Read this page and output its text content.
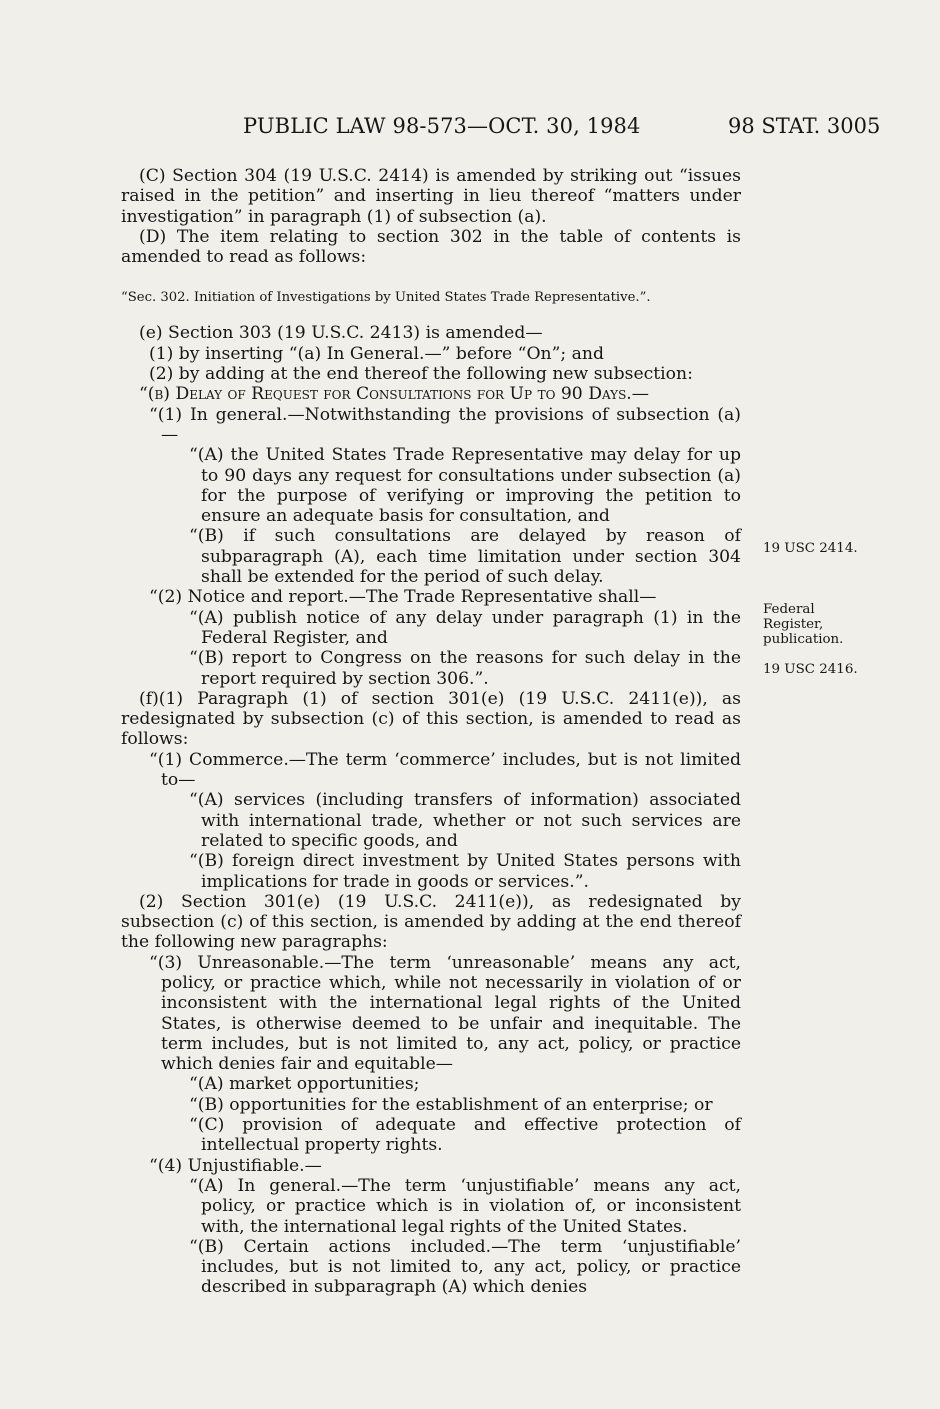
PUBLIC LAW 98-573—OCT. 30, 1984	98 STAT. 3005

(C) Section 304 (19 U.S.C. 2414) is amended by striking out “issues raised in the petition” and inserting in lieu thereof “matters under investigation” in paragraph (1) of subsection (a).

(D) The item relating to section 302 in the table of contents is amended to read as follows:

“Sec. 302. Initiation of Investigations by United States Trade Representative.”.

(e) Section 303 (19 U.S.C. 2413) is amended—

(1) by inserting “(a) In General.—” before “On”; and

(2) by adding at the end thereof the following new subsection:

“(b) Delay of Request for Consultations for Up to 90 Days.—

“(1) In general.—Notwithstanding the provisions of subsection (a)—

“(A) the United States Trade Representative may delay for up to 90 days any request for consultations under subsection (a) for the purpose of verifying or improving the petition to ensure an adequate basis for consultation, and

“(B) if such consultations are delayed by reason of subparagraph (A), each time limitation under section 304 shall be extended for the period of such delay.

“(2) Notice and report.—The Trade Representative shall—

“(A) publish notice of any delay under paragraph (1) in the Federal Register, and

“(B) report to Congress on the reasons for such delay in the report required by section 306.”.

(f)(1) Paragraph (1) of section 301(e) (19 U.S.C. 2411(e)), as redesignated by subsection (c) of this section, is amended to read as follows:

“(1) Commerce.—The term ‘commerce’ includes, but is not limited to—

“(A) services (including transfers of information) associated with international trade, whether or not such services are related to specific goods, and

“(B) foreign direct investment by United States persons with implications for trade in goods or services.”.

(2) Section 301(e) (19 U.S.C. 2411(e)), as redesignated by subsection (c) of this section, is amended by adding at the end thereof the following new paragraphs:

“(3) Unreasonable.—The term ‘unreasonable’ means any act, policy, or practice which, while not necessarily in violation of or inconsistent with the international legal rights of the United States, is otherwise deemed to be unfair and inequitable. The term includes, but is not limited to, any act, policy, or practice which denies fair and equitable—

“(A) market opportunities;

“(B) opportunities for the establishment of an enterprise; or

“(C) provision of adequate and effective protection of intellectual property rights.

“(4) Unjustifiable.—

“(A) In general.—The term ‘unjustifiable’ means any act, policy, or practice which is in violation of, or inconsistent with, the international legal rights of the United States.

“(B) Certain actions included.—The term ‘unjustifiable’ includes, but is not limited to, any act, policy, or practice described in subparagraph (A) which denies

19 USC 2414.
Federal
Register,
publication.
19 USC 2416.
